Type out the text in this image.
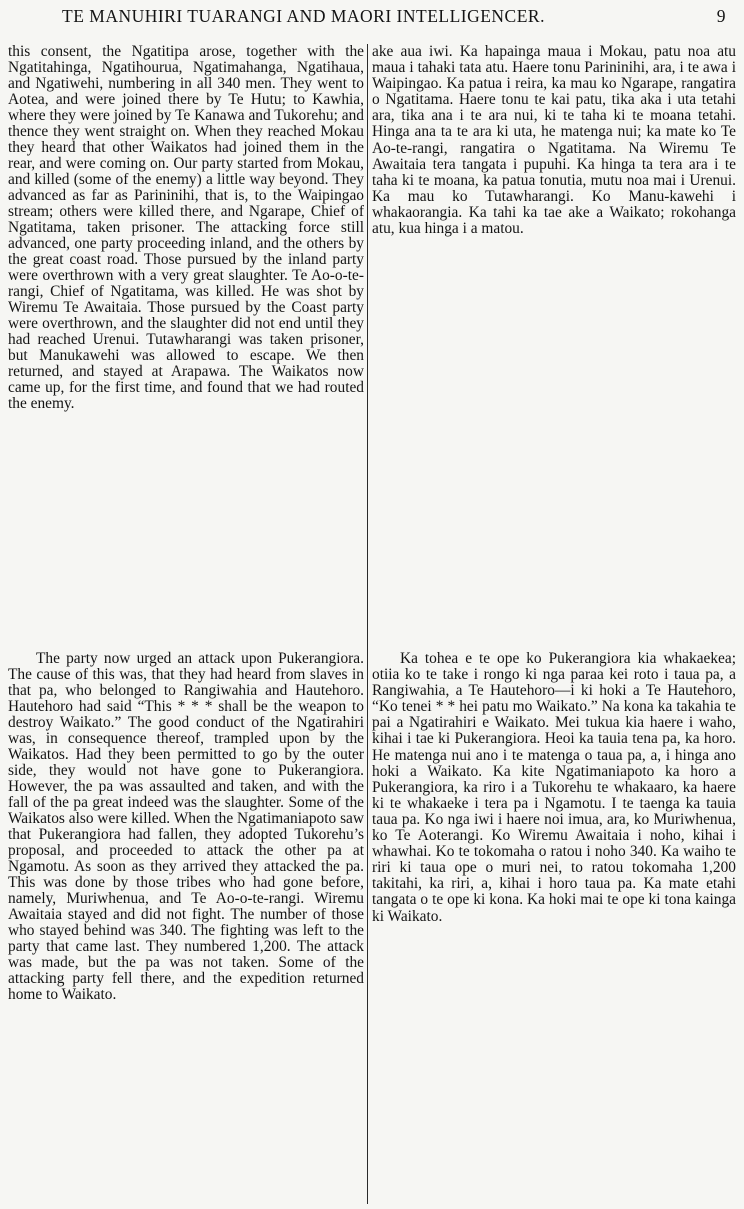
TE MANUHIRI TUARANGI AND MAORI INTELLIGENCER.	9

this consent, the Ngatitipa arose, together with the Ngatitahinga, Ngatihourua, Ngatimahanga, Ngatihaua, and Ngatiwehi, numbering in all 340 men. They went to Aotea, and were joined there by Te Hutu; to Kawhia, where they were joined by Te Kanawa and Tukorehu; and thence they went straight on. When they reached Mokau they heard that other Waikatos had joined them in the rear, and were coming on. Our party started from Mokau, and killed (some of the enemy) a little way beyond. They advanced as far as Parininihi, that is, to the Waipingao stream; others were killed there, and Ngarape, Chief of Ngatitama, taken prisoner. The attacking force still advanced, one party proceeding inland, and the others by the great coast road. Those pursued by the inland party were overthrown with a very great slaughter. Te Ao-o-te-rangi, Chief of Ngatitama, was killed. He was shot by Wiremu Te Awaitaia. Those pursued by the Coast party were overthrown, and the slaughter did not end until they had reached Urenui. Tutawharangi was taken prisoner, but Manukawehi was allowed to escape. We then returned, and stayed at Arapawa. The Waikatos now came up, for the first time, and found that we had routed the enemy.

The party now urged an attack upon Pukerangiora. The cause of this was, that they had heard from slaves in that pa, who belonged to Rangiwahia and Hautehoro. Hautehoro had said “This * * * shall be the weapon to destroy Waikato.” The good conduct of the Ngatirahiri was, in consequence thereof, trampled upon by the Waikatos. Had they been permitted to go by the outer side, they would not have gone to Pukerangiora. However, the pa was assaulted and taken, and with the fall of the pa great indeed was the slaughter. Some of the Waikatos also were killed. When the Ngatimaniapoto saw that Pukerangiora had fallen, they adopted Tukorehu’s proposal, and proceeded to attack the other pa at Ngamotu. As soon as they arrived they attacked the pa. This was done by those tribes who had gone before, namely, Muriwhenua, and Te Ao-o-te-rangi. Wiremu Awaitaia stayed and did not fight. The number of those who stayed behind was 340. The fighting was left to the party that came last. They numbered 1,200. The attack was made, but the pa was not taken. Some of the attacking party fell there, and the expedition returned home to Waikato.

ake aua iwi. Ka hapainga maua i Mokau, patu noa atu maua i tahaki tata atu. Haere tonu Parininihi, ara, i te awa i Waipingao. Ka patua i reira, ka mau ko Ngarape, rangatira o Ngatitama. Haere tonu te kai patu, tika aka i uta tetahi ara, tika ana i te ara nui, ki te taha ki te moana tetahi. Hinga ana ta te ara ki uta, he matenga nui; ka mate ko Te Ao-te-rangi, rangatira o Ngatitama. Na Wiremu Te Awaitaia tera tangata i pupuhi. Ka hinga ta tera ara i te taha ki te moana, ka patua tonutia, mutu noa mai i Urenui. Ka mau ko Tutawharangi. Ko Manu-kawehi i whakaorangia. Ka tahi ka tae ake a Waikato; rokohanga atu, kua hinga i a matou.

Ka tohea e te ope ko Pukerangiora kia whakaekea; otiia ko te take i rongo ki nga paraa kei roto i taua pa, a Rangiwahia, a Te Hautehoro—i ki hoki a Te Hautehoro, “Ko tenei * * hei patu mo Waikato.” Na kona ka takahia te pai a Ngatirahiri e Waikato. Mei tukua kia haere i waho, kihai i tae ki Pukerangiora. Heoi ka tauia tena pa, ka horo. He matenga nui ano i te matenga o taua pa, a, i hinga ano hoki a Waikato. Ka kite Ngatimaniapoto ka horo a Pukerangiora, ka riro i a Tukorehu te whakaaro, ka haere ki te whakaeke i tera pa i Ngamotu. I te taenga ka tauia taua pa. Ko nga iwi i haere noi imua, ara, ko Muriwhenua, ko Te Aoterangi. Ko Wiremu Awaitaia i noho, kihai i whawhai. Ko te tokomaha o ratou i noho 340. Ka waiho te riri ki taua ope o muri nei, to ratou tokomaha 1,200 takitahi, ka riri, a, kihai i horo taua pa. Ka mate etahi tangata o te ope ki kona. Ka hoki mai te ope ki tona kainga ki Waikato.
